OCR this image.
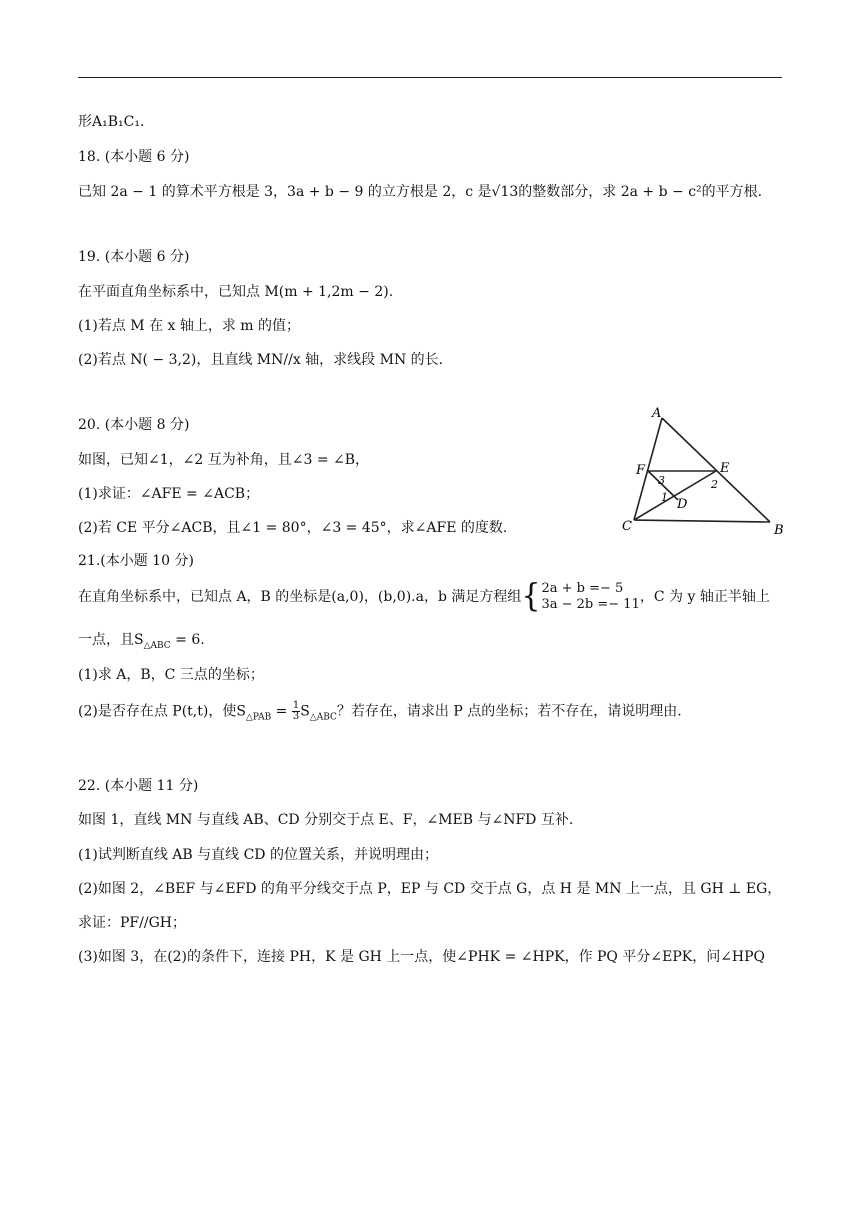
形A₁B₁C₁.
18. (本小题 6 分)
已知 2a − 1 的算术平方根是 3，3a + b − 9 的立方根是 2，c 是√13的整数部分，求 2a + b − c²的平方根.
19. (本小题 6 分)
在平面直角坐标系中，已知点 M(m + 1,2m − 2).
(1)若点 M 在 x 轴上，求 m 的值；
(2)若点 N( − 3,2)，且直线 MN//x 轴，求线段 MN 的长.
20. (本小题 8 分)
如图，已知∠1，∠2 互为补角，且∠3 = ∠B，
(1)求证：∠AFE = ∠ACB；
(2)若 CE 平分∠ACB，且∠1 = 80°，∠3 = 45°，求∠AFE 的度数.
21.(本小题 10 分)
在直角坐标系中，已知点 A，B 的坐标是(a,0)，(b,0).a，b 满足方程组{ 2a + b =− 5
3a − 2b =− 11 ，C 为 y 轴正半轴上
一点，且$S_{\triangle ABC} = 6$.
(1)求 A，B，C 三点的坐标；
(2)是否存在点 P(t,t)，使$S_{\triangle PAB} = \frac{1}{3} S_{\triangle ABC}$？若存在，请求出 P 点的坐标；若不存在，请说明理由.
22. (本小题 11 分)
如图 1，直线 MN 与直线 AB、CD 分别交于点 E、F，∠MEB 与∠NFD 互补.
(1)试判断直线 AB 与直线 CD 的位置关系，并说明理由；
(2)如图 2，∠BEF 与∠EFD 的角平分线交于点 P，EP 与 CD 交于点 G，点 H 是 MN 上一点，且 GH ⊥ EG，
求证：PF//GH；
(3)如图 3，在(2)的条件下，连接 PH，K 是 GH 上一点，使∠PHK = ∠HPK，作 PQ 平分∠EPK，问∠HPQ
A
B
C
D
E
F
1
2
3
